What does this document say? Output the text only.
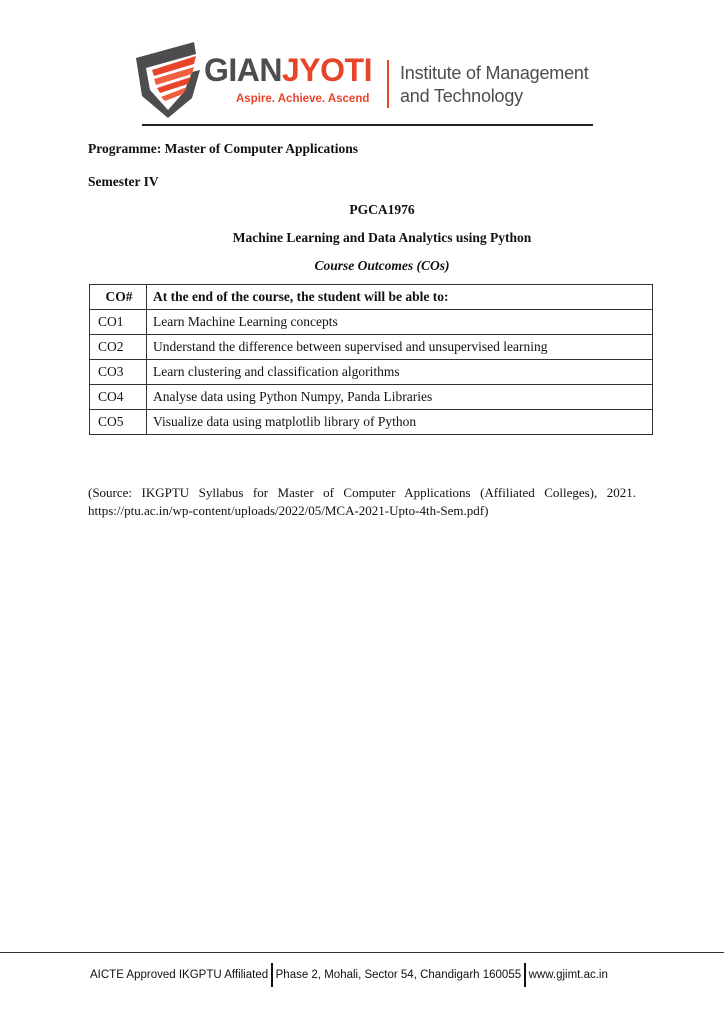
GIANJYOTI
Aspire. Achieve. Ascend
Institute of Management
and Technology
Programme: Master of Computer Applications
Semester IV
PGCA1976
Machine Learning and Data Analytics using Python
Course Outcomes (COs)
CO#	At the end of the course, the student will be able to:
CO1	Learn Machine Learning concepts
CO2	Understand the difference between supervised and unsupervised learning
CO3	Learn clustering and classification algorithms
CO4	Analyse data using Python Numpy, Panda Libraries
CO5	Visualize data using matplotlib library of Python
(Source: IKGPTU Syllabus for Master of Computer Applications (Affiliated Colleges), 2021. https://ptu.ac.in/wp-content/uploads/2022/05/MCA-2021-Upto-4th-Sem.pdf)
AICTE Approved IKGPTU Affiliated Phase 2, Mohali, Sector 54, Chandigarh 160055 www.gjimt.ac.in
